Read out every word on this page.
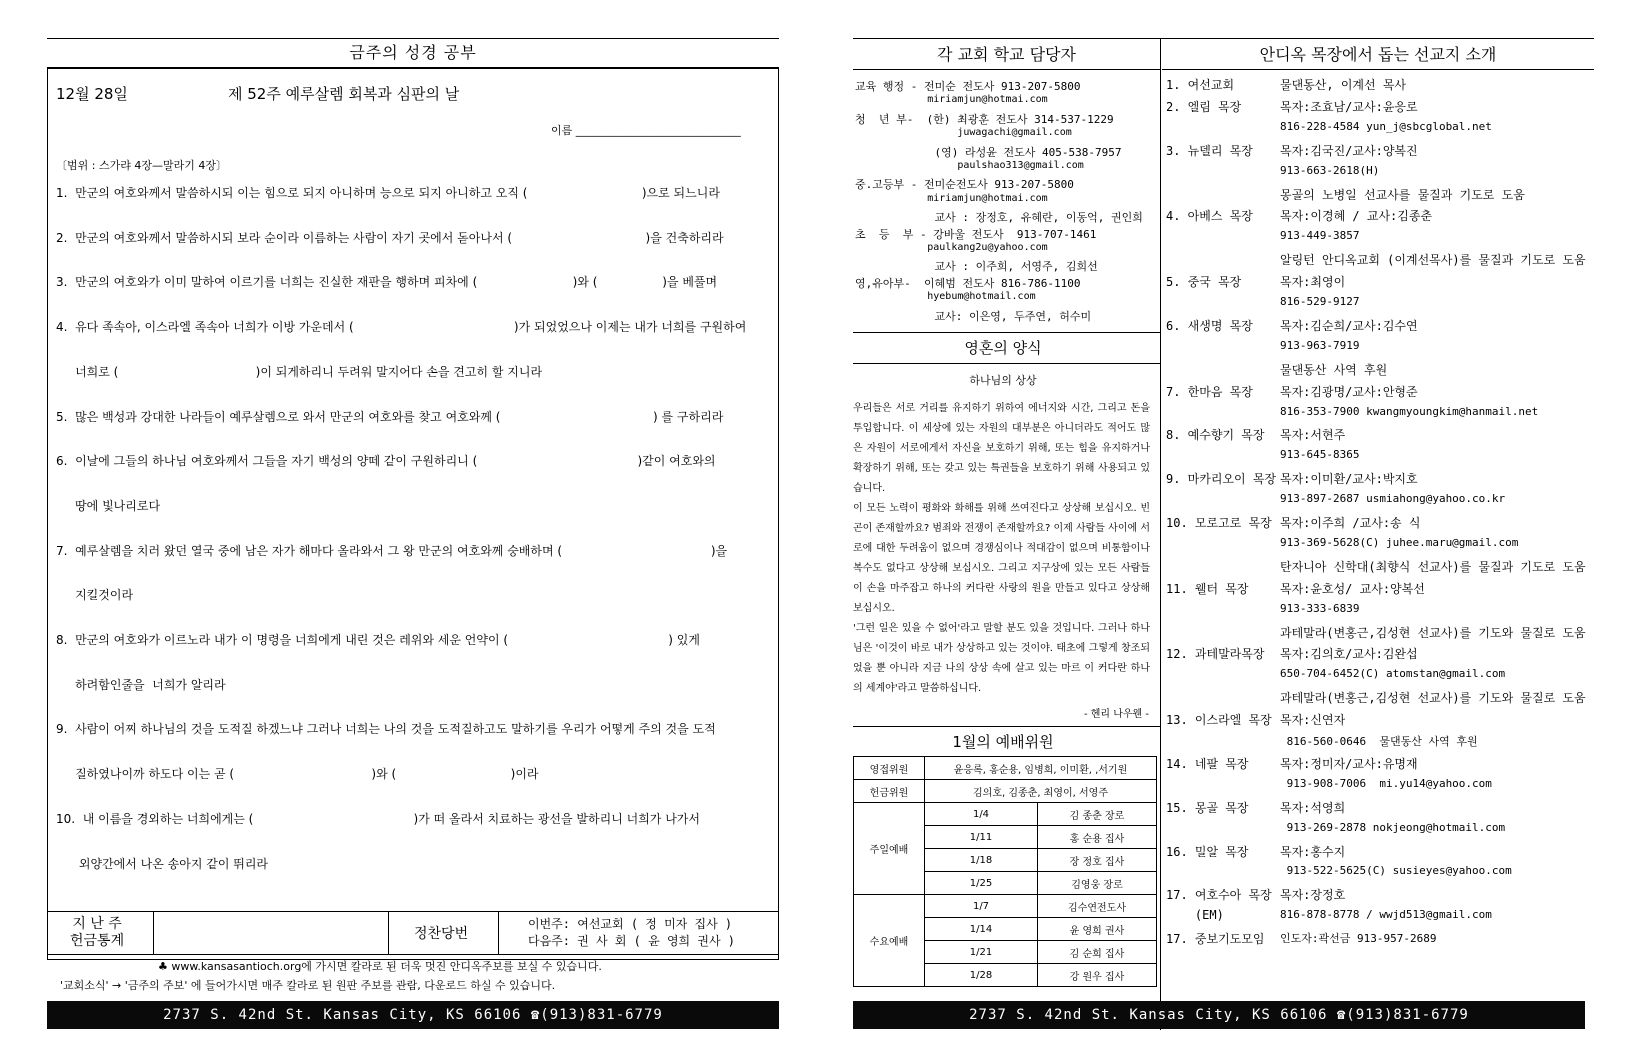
금주의 성경 공부
12월 28일	제 52주 예루살렘 회복과 심판의 날
이름 ______________________________
〔범위 : 스가랴 4장—말라기 4장〕
1.  만군의 여호와께서 말씀하시되 이는 힘으로 되지 아니하며 능으로 되지 아니하고 오직 (                              )으로 되느니라
2.  만군의 여호와께서 말씀하시되 보라 순이라 이름하는 사람이 자기 곳에서 돋아나서 (                                   )을 건축하리라
3.  만군의 여호와가 이미 말하여 이르기를 너희는 진실한 재판을 행하며 피차에 (                         )와 (                 )을 베풀며
4.  유다 족속아, 이스라엘 족속아 너희가 이방 가운데서 (                                          )가 되었었으나 이제는 내가 너희를 구원하여
너희로 (                                    )이 되게하리니 두려워 말지어다 손을 견고히 할 지니라
5.  많은 백성과 강대한 나라들이 예루살렘으로 와서 만군의 여호와를 찾고 여호와께 (                                        ) 를 구하리라
6.  이날에 그들의 하나님 여호와께서 그들을 자기 백성의 양떼 같이 구원하리니 (                                          )같이 여호와의
땅에 빛나리로다
7.  예루살렘을 치러 왔던 열국 중에 남은 자가 해마다 올라와서 그 왕 만군의 여호와께 숭배하며 (                                       )을
지킬것이라
8.  만군의 여호와가 이르노라 내가 이 명령을 너희에게 내린 것은 레위와 세운 언약이 (                                          ) 있게
하려함인줄을  너희가 알리라
9.  사람이 어찌 하나님의 것을 도적질 하겠느냐 그러나 너희는 나의 것을 도적질하고도 말하기를 우리가 어떻게 주의 것을 도적
질하였나이까 하도다 이는 곧 (                                    )와 (                              )이라
10.  내 이름을 경외하는 너희에게는 (                                          )가 떠 올라서 치료하는 광선을 발하리니 너희가 나가서
외양간에서 나온 송아지 같이 뛰리라
지 난 주
헌금통계	정찬당번
이번주: 여선교회 ( 정 미자 집사 )
다음주: 권 사 회 ( 윤 영희 권사 )
♣ www.kansasantioch.org에 가시면 칼라로 된 더욱 멋진 안디옥주보를 보실 수 있습니다.
'교회소식' → '금주의 주보' 에 들어가시면 매주 칼라로 된 원판 주보를 관람, 다운로드 하실 수 있습니다.
2737 S. 42nd St. Kansas City, KS 66106 ☎(913)831-6779
각 교회 학교 담당자	안디옥 목장에서 돕는 선교지 소개
교육 행정 - 전미순 전도사 913-207-5800
miriamjun@hotmai.com
청  년 부-  (한) 최광훈 전도사 314-537-1229
juwagachi@gmail.com
(영) 라성윤 전도사 405-538-7957
paulshao313@gmail.com
중.고등부 - 전미순전도사 913-207-5800
miriamjun@hotmai.com
교사 : 장정호, 유혜란, 이동억, 권인희
초  등  부 - 강바울 전도사  913-707-1461
paulkang2u@yahoo.com
교사 : 이주희, 서영주, 김희선
영,유아부-  이혜범 전도사 816-786-1100
hyebum@hotmail.com
교사: 이은영, 두주연, 허수미
영혼의 양식
하나님의 상상
우리들은 서로 거리를 유지하기 위하여 에너지와 시간, 그리고 돈을 투입합니다. 이 세상에 있는 자원의 대부분은 아니더라도 적어도 많은 자원이 서로에게서 자신을 보호하기 위해, 또는 힘을 유지하거나 확장하기 위해, 또는 갖고 있는 특권들을 보호하기 위해 사용되고 있습니다.
이 모든 노력이 평화와 화해를 위해 쓰여진다고 상상해 보십시오. 빈곤이 존재할까요? 범죄와 전쟁이 존재할까요? 이제 사람들 사이에 서로에 대한 두려움이 없으며 경쟁심이나 적대감이 없으며 비통함이나 복수도 없다고 상상해 보십시오. 그리고 지구상에 있는 모든 사람들이 손을 마주잡고 하나의 커다란 사랑의 원을 만들고 있다고 상상해 보십시오.
'그런 일은 있을 수 없어'라고 말할 분도 있을 것입니다. 그러나 하나님은 '이것이 바로 내가 상상하고 있는 것이야. 태초에 그렇게 창조되었을 뿐 아니라 지금 나의 상상 속에 살고 있는 마르 이 커다란 하나의 세계야'라고 말씀하십니다.
- 헨리 나우웬 -
1월의 예배위원
영접위원	윤응록, 홍순용, 임병희, 이미환, ,서기원	
헌금위원	김의호, 김종춘, 최영이, 서영주	
주일예배	1/4	김 종춘 장로
	1/11	홍 순용 집사
	1/18	장 정호 집사
	1/25	김영웅 장로
수요예배	1/7	김수연전도사
	1/14	윤 영희 권사
	1/21	김 순희 집사
	1/28	강 원우 집사
1. 여선교회	물댄동산, 이계선 목사
2. 엘림 목장	목자:조효남/교사:윤응로
816-228-4584 yun_j@sbcglobal.net
3. 뉴델리 목장 목자:김국진/교사:양복진
913-663-2618(H)
몽골의 노병일 선교사를 물질과 기도로 도움
4. 아베스 목장 목자:이경혜 / 교사:김종춘
913-449-3857
알링턴 안디옥교회 (이계선목사)를 물질과 기도로 도움
5. 중국 목장	목자:최영이
816-529-9127
6. 새생명 목장 목자:김순희/교사:김수연
913-963-7919
물댄동산 사역 후원
7. 한마음 목장 목자:김광명/교사:안형준
816-353-7900 kwangmyoungkim@hanmail.net
8. 예수향기 목장 목자:서현주
913-645-8365
9. 마카리오이 목장 목자:이미환/교사:박지호
913-897-2687 usmiahong@yahoo.co.kr
10. 모로고로 목장 목자:이주희 /교사:송 식
913-369-5628(C) juhee.maru@gmail.com
탄자니아 신학대(최향식 선교사)를 물질과 기도로 도움
11. 웰터 목장	목자:윤호성/ 교사:양복선
913-333-6839
과테말라(변홍근,김성현 선교사)를 기도와 물질로 도움
12. 과테말라목장 목자:김의호/교사:김완섭
650-704-6452(C) atomstan@gmail.com
과테말라(변홍근,김성현 선교사)를 기도와 물질로 도움
13. 이스라엘 목장 목자:신연자
816-560-0646  물댄동산 사역 후원
14. 네팔 목장	목자:정미자/교사:유명재
913-908-7006  mi.yu14@yahoo.com
15. 몽골 목장	목자:석영희
913-269-2878 nokjeong@hotmail.com
16. 밀알 목장	목자:홍수지
913-522-5625(C) susieyes@yahoo.com
17. 여호수아 목장 목자:장정호
(EM)	816-878-8778 / wwjd513@gmail.com
17. 중보기도모임 인도자:곽선금 913-957-2689
2737 S. 42nd St. Kansas City, KS 66106 ☎(913)831-6779
